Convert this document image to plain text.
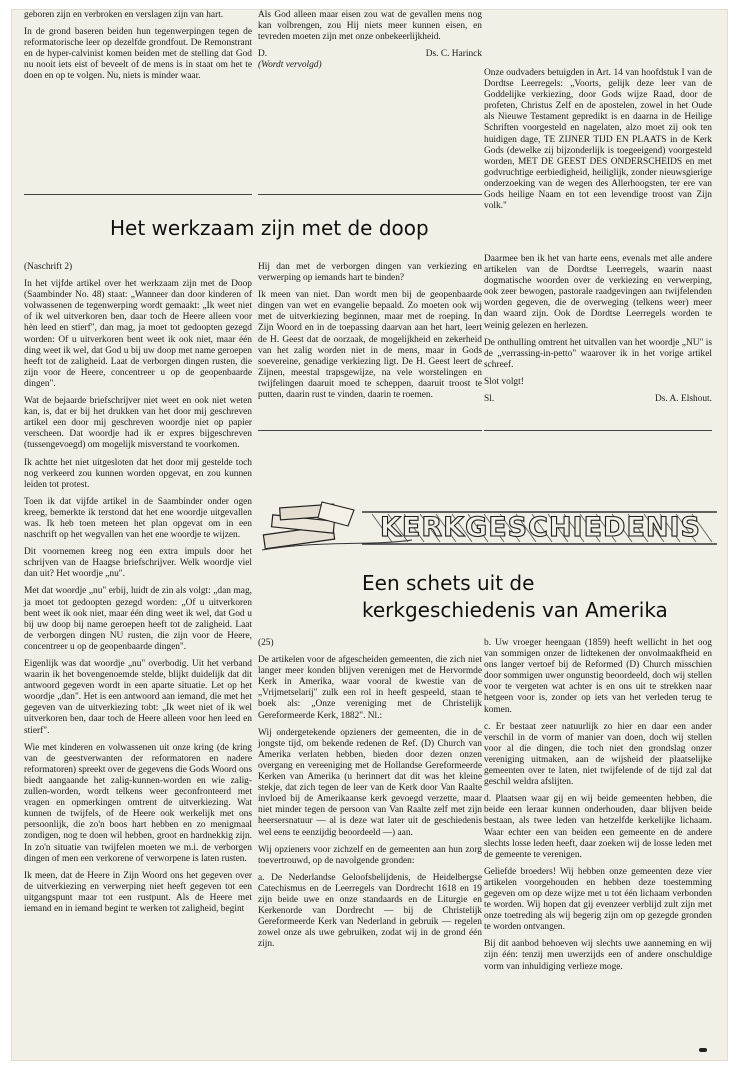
geboren zijn en verbroken en verslagen zijn van hart.

In de grond baseren beiden hun tegenwerpingen tegen de reformatorische leer op dezelfde grondfout. De Remonstrant en de hyper-calvinist komen beiden met de stelling dat God nu nooit iets eist of beveelt of de mens is in staat om het te doen en op te volgen. Nu, niets is minder waar.

Als God alleen maar eisen zou wat de gevallen mens nog kan volbrengen, zou Hij niets meer kunnen eisen, en tevreden moeten zijn met onze onbekeerlijkheid.

D.	Ds. C. Harinck

(Wordt vervolgd)

Onze oudvaders betuigden in Art. 14 van hoofdstuk I van de Dordtse Leerregels: „Voorts, gelijk deze leer van de Goddelijke verkiezing, door Gods wijze Raad, door de profeten, Christus Zelf en de apostelen, zowel in het Oude als Nieuwe Testament gepredikt is en daarna in de Heilige Schriften voorgesteld en nagelaten, alzo moet zij ook ten huidigen dage, TE ZIJNER TIJD EN PLAATS in de Kerk Gods (dewelke zij bijzonderlijk is toegeeigend) voorgesteld worden, MET DE GEEST DES ONDERSCHEIDS en met godvruchtige eerbiedigheid, heiliglijk, zonder nieuwsgierige onderzoeking van de wegen des Allerhoogsten, ter ere van Gods heilige Naam en tot een levendige troost van Zijn volk."

Het werkzaam zijn met de doop

(Naschrift 2)

In het vijfde artikel over het werkzaam zijn met de Doop (Saambinder No. 48) staat: „Wanneer dan door kinderen of volwassenen de tegenwerping wordt gemaakt: „Ik weet niet of ik wel uitverkoren ben, daar toch de Heere alleen voor hèn leed en stierf", dan mag, ja moet tot gedoopten gezegd worden: Of u uitverkoren bent weet ik ook niet, maar één ding weet ik wel, dat God u bij uw doop met name geroepen heeft tot de zaligheid. Laat de verborgen dingen rusten, die zijn voor de Heere, concentreer u op de geopenbaarde dingen".

Wat de bejaarde briefschrijver niet weet en ook niet weten kan, is, dat er bij het drukken van het door mij geschreven artikel een door mij geschreven woordje niet op papier verscheen. Dat woordje had ik er expres bijgeschreven (tussengevoegd) om mogelijk misverstand te voorkomen.

Ik achtte het niet uitgesloten dat het door mij gestelde toch nog verkeerd zou kunnen worden opgevat, en zou kunnen leiden tot protest.

Toen ik dat vijfde artikel in de Saambinder onder ogen kreeg, bemerkte ik terstond dat het ene woordje uitgevallen was. Ik heb toen meteen het plan opgevat om in een naschrift op het wegvallen van het ene woordje te wijzen.

Dit voornemen kreeg nog een extra impuls door het schrijven van de Haagse briefschrijver. Welk woordje viel dan uit? Het woordje „nu".

Met dat woordje „nu" erbij, luidt de zin als volgt: „dan mag, ja moet tot gedoopten gezegd worden: „Of u uitverkoren bent weet ik ook niet, maar één ding weet ik wel, dat God u bij uw doop bij name geroepen heeft tot de zaligheid. Laat de verborgen dingen NU rusten, die zijn voor de Heere, concentreer u op de geopenbaarde dingen".

Eigenlijk was dat woordje „nu" overbodig. Uit het verband waarin ik het bovengenoemde stelde, blijkt duidelijk dat dit antwoord gegeven wordt in een aparte situatie. Let op het woordje „dan". Het is een antwoord aan iemand, die met het gegeven van de uitverkiezing tobt: „Ik weet niet of ik wel uitverkoren ben, daar toch de Heere alleen voor hen leed en stierf".

Wie met kinderen en volwassenen uit onze kring (de kring van de geestverwanten der reformatoren en nadere reformatoren) spreekt over de gegevens die Gods Woord ons biedt aangaande het zalig-kunnen-worden en wie zalig-zullen-worden, wordt telkens weer geconfronteerd met vragen en opmerkingen omtrent de uitverkiezing. Wat kunnen de twijfels, of de Heere ook werkelijk met ons persoonlijk, die zo'n boos hart hebben en zo menigmaal zondigen, nog te doen wil hebben, groot en hardnekkig zijn. In zo'n situatie van twijfelen moeten we m.i. de verborgen dingen of men een verkorene of verworpene is laten rusten.

Ik meen, dat de Heere in Zijn Woord ons het gegeven over de uitverkiezing en verwerping niet heeft gegeven tot een uitgangspunt maar tot een rustpunt. Als de Heere met iemand en in iemand begint te werken tot zaligheid, begint

Hij dan met de verborgen dingen van verkiezing en verwerping op iemands hart te binden?

Ik meen van niet. Dan wordt men bij de geopenbaarde dingen van wet en evangelie bepaald. Zo moeten ook wij met de uitverkiezing beginnen, maar met de roeping. In Zijn Woord en in de toepassing daarvan aan het hart, leert de H. Geest dat de oorzaak, de mogelijkheid en zekerheid van het zalig worden niet in de mens, maar in Gods soevereine, genadige verkiezing ligt. De H. Geest leert de Zijnen, meestal trapsgewijze, na vele worstelingen en twijfelingen daaruit moed te scheppen, daaruit troost te putten, daarin rust te vinden, daarin te roemen.

Daarmee ben ik het van harte eens, evenals met alle andere artikelen van de Dordtse Leerregels, waarin naast dogmatische woorden over de verkiezing en verwerping, ook zeer bewogen, pastorale raadgevingen aan twijfelenden worden gegeven, die de overweging (telkens weer) meer dan waard zijn. Ook de Dordtse Leerregels worden te weinig gelezen en herlezen.

De onthulling omtrent het uitvallen van het woordje „NU" is de „verrassing-in-petto" waarover ik in het vorige artikel schreef.

Slot volgt!

Sl.	Ds. A. Elshout.
KERKGESCHIEDENIS
Een schets uit de
kerkgeschiedenis van Amerika

(25)

De artikelen voor de afgescheiden gemeenten, die zich niet langer meer konden blijven verenigen met de Hervormde Kerk in Amerika, waar vooral de kwestie van de „Vrijmetselarij" zulk een rol in heeft gespeeld, staan te boek als: „Onze vereniging met de Christelijk Gereformeerde Kerk, 1882". Nl.:

Wij ondergetekende opzieners der gemeenten, die in de jongste tijd, om bekende redenen de Ref. (D) Church van Amerika verlaten hebben, bieden door dezen onzen overgang en vereeniging met de Hollandse Gereformeerde Kerken van Amerika (u herinnert dat dit was het kleine stekje, dat zich tegen de leer van de Kerk door Van Raalte invloed bij de Amerikaanse kerk gevoegd verzette, maar niet minder tegen de persoon van Van Raalte zelf met zijn heersersnatuur — al is deze wat later uit de geschiedenis wel eens te eenzijdig beoordeeld —) aan.

Wij opzieners voor zichzelf en de gemeenten aan hun zorg toevertrouwd, op de navolgende gronden:

a. De Nederlandse Geloofsbelijdenis, de Heidelbergse Catechismus en de Leerregels van Dordrecht 1618 en 19 zijn beide uwe en onze standaards en de Liturgie en Kerkenorde van Dordrecht — bij de Christelijk Gereformeerde Kerk van Nederland in gebruik — regelen zowel onze als uwe gebruiken, zodat wij in de grond één zijn.

b. Uw vroeger heengaan (1859) heeft wellicht in het oog van sommigen onzer de lidtekenen der onvolmaakfheid en ons langer vertoef bij de Reformed (D) Church misschien door sommigen uwer ongunstig beoordeeld, doch wij stellen voor te vergeten wat achter is en ons uit te strekken naar hetgeen voor is, zonder op iets van het verleden terug te komen.

c. Er bestaat zeer natuurlijk zo hier en daar een ander verschil in de vorm of manier van doen, doch wij stellen voor al die dingen, die toch niet den grondslag onzer vereniging uitmaken, aan de wijsheid der plaatselijke gemeenten over te laten, niet twijfelende of de tijd zal dat geschil weldra afslijten.

d. Plaatsen waar gij en wij beide gemeenten hebben, die beide een leraar kunnen onderhouden, daar blijven beide bestaan, als twee leden van hetzelfde kerkelijke lichaam. Waar echter een van beiden een gemeente en de andere slechts losse leden heeft, daar zoeken wij de losse leden met de gemeente te verenigen.

Geliefde broeders! Wij hebben onze gemeenten deze vier artikelen voorgehouden en hebben deze toestemming gegeven om op deze wijze met u tot één lichaam verbonden te worden. Wij hopen dat gij evenzeer verblijd zult zijn met onze toetreding als wij begerig zijn om op gezegde gronden te worden ontvangen.

Bij dit aanbod behoeven wij slechts uwe aanneming en wij zijn één: tenzij men uwerzijds een of andere onschuldige vorm van inhuldiging verlieze moge.
